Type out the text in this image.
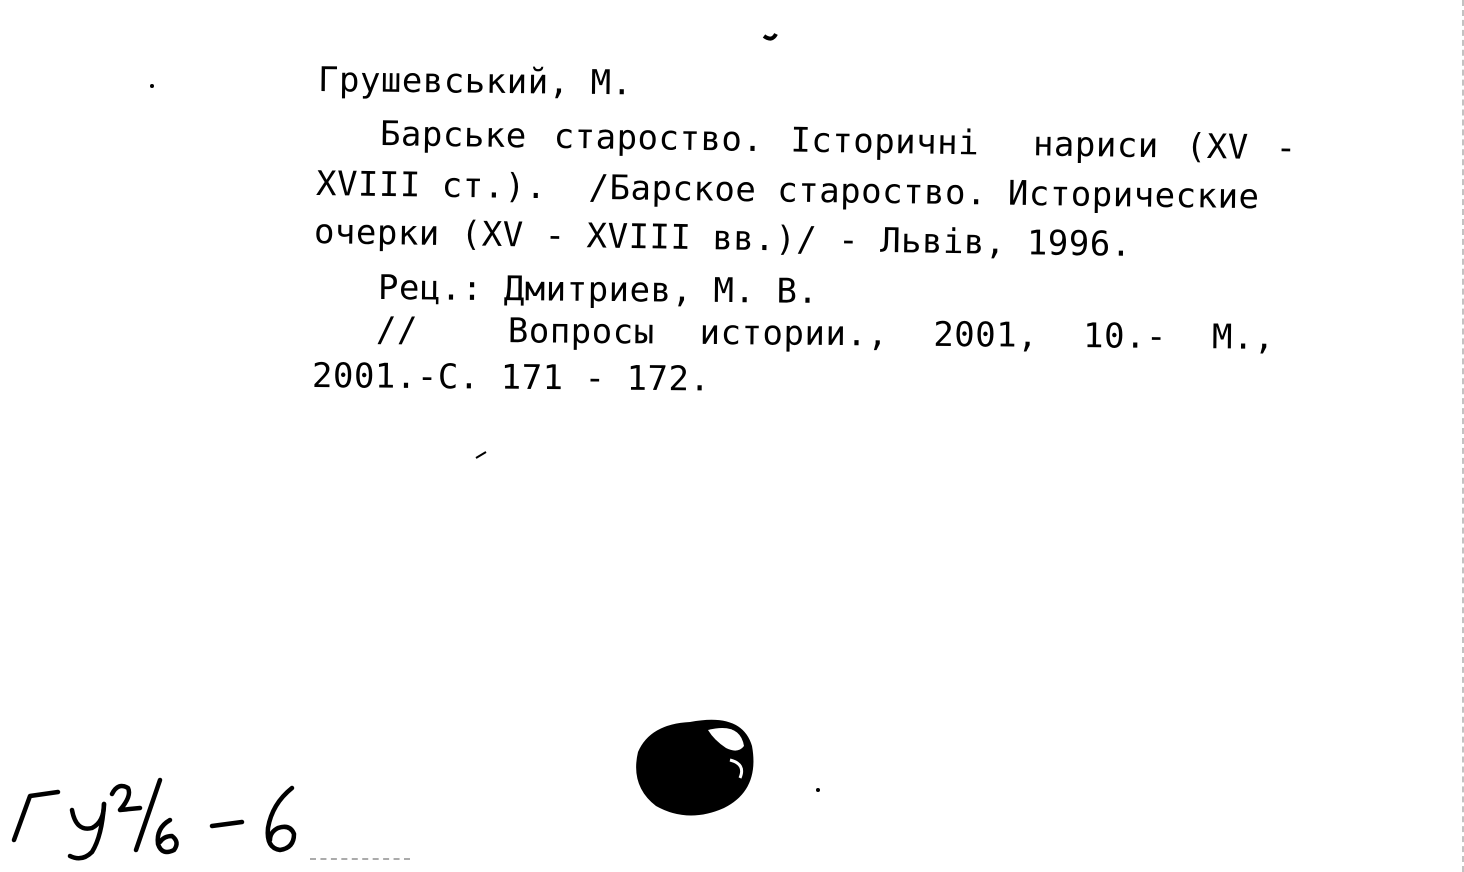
Грушевський, М.
Барське староство. Історичні  нариси (XV -
XVIII ст.).  /Барское староство. Исторические
очерки (XV - XVIII вв.)/ - Львів, 1996.
Рец.: Дмитриев, М. В.
//  Вопросы истории., 2001, 10.- М.,
2001.-С. 171 - 172.
